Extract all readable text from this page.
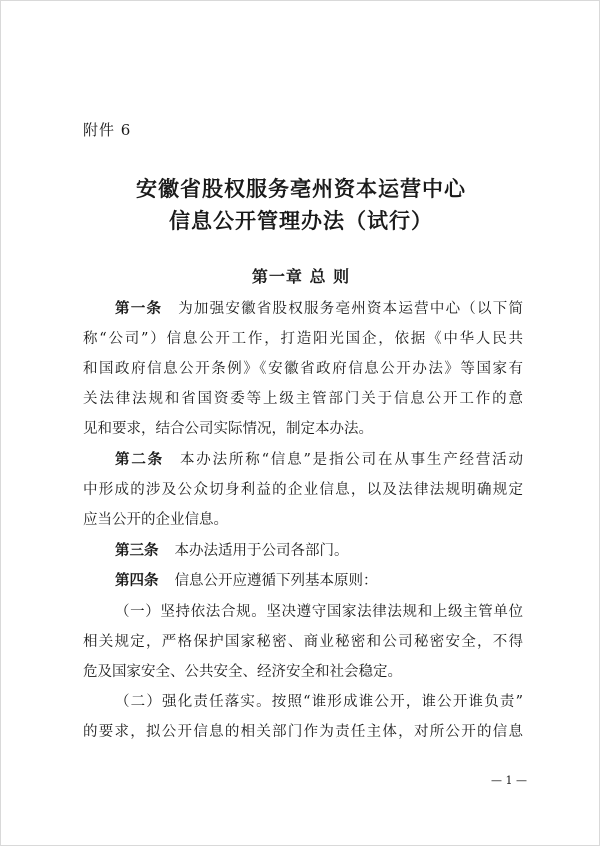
附件 6
安徽省股权服务亳州资本运营中心
信息公开管理办法（试行）
第一章 总 则
第一条 为加强安徽省股权服务亳州资本运营中心（以下简
称“公司”）信息公开工作，打造阳光国企，依据《中华人民共
和国政府信息公开条例》《安徽省政府信息公开办法》等国家有
关法律法规和省国资委等上级主管部门关于信息公开工作的意
见和要求，结合公司实际情况，制定本办法。
第二条 本办法所称“信息”是指公司在从事生产经营活动
中形成的涉及公众切身利益的企业信息，以及法律法规明确规定
应当公开的企业信息。
第三条 本办法适用于公司各部门。
第四条 信息公开应遵循下列基本原则：
（一）坚持依法合规。坚决遵守国家法律法规和上级主管单位
相关规定，严格保护国家秘密、商业秘密和公司秘密安全，不得
危及国家安全、公共安全、经济安全和社会稳定。
（二）强化责任落实。按照“谁形成谁公开，谁公开谁负责”
的要求，拟公开信息的相关部门作为责任主体，对所公开的信息
— 1 —
